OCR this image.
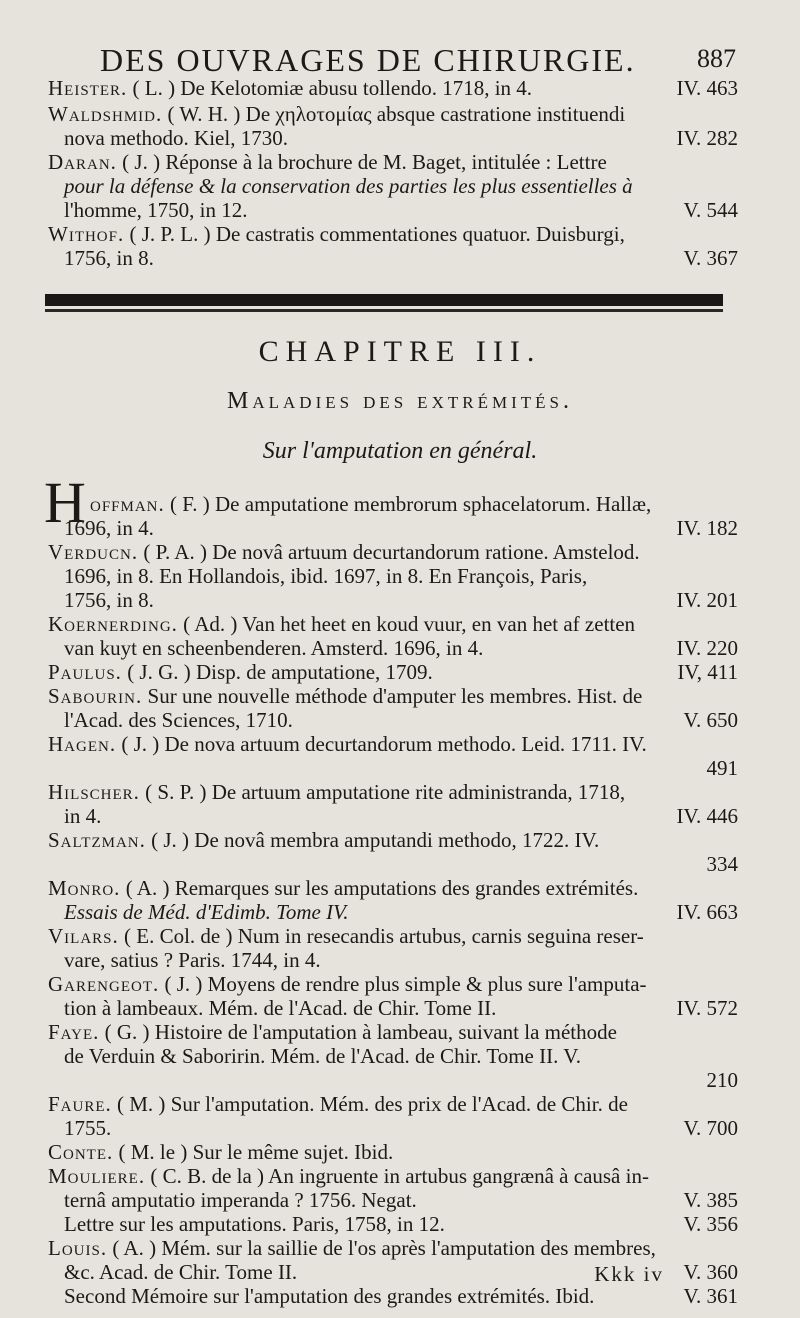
DES OUVRAGES DE CHIRURGIE. 887
Heister. ( L. ) De Kelotomiæ abusu tollendo. 1718, in 4.	IV. 463
Waldshmid. ( W. H. ) De χηλοτομίας absque castratione instituendi
nova methodo. Kiel, 1730.	IV. 282
Daran. ( J. ) Réponse à la brochure de M. Baget, intitulée : Lettre
pour la défense & la conservation des parties les plus essentielles à
l'homme, 1750, in 12.	V. 544
Withof. ( J. P. L. ) De castratis commentationes quatuor. Duisburgi,
1756, in 8.	V. 367
CHAPITRE III.
Maladies des extrémités.
Sur l'amputation en général.
H offman. ( F. ) De amputatione membrorum sphacelatorum. Hallæ,
1696, in 4.	IV. 182
Verducn. ( P. A. ) De novâ artuum decurtandorum ratione. Amstelod.
1696, in 8. En Hollandois, ibid. 1697, in 8. En François, Paris,
1756, in 8.	IV. 201
Koernerding. ( Ad. ) Van het heet en koud vuur, en van het af zetten
van kuyt en scheenbenderen. Amsterd. 1696, in 4.	IV. 220
Paulus. ( J. G. ) Disp. de amputatione, 1709.	IV, 411
Sabourin. Sur une nouvelle méthode d'amputer les membres. Hist. de
l'Acad. des Sciences, 1710.	V. 650
Hagen. ( J. ) De nova artuum decurtandorum methodo. Leid. 1711. IV.
491
Hilscher. ( S. P. ) De artuum amputatione rite administranda, 1718,
in 4.	IV. 446
Saltzman. ( J. ) De novâ membra amputandi methodo, 1722. IV.
334
Monro. ( A. ) Remarques sur les amputations des grandes extrémités.
Essais de Méd. d'Edimb. Tome IV.	IV. 663
Vilars. ( E. Col. de ) Num in resecandis artubus, carnis seguina reser-
vare, satius ? Paris. 1744, in 4.
Garengeot. ( J. ) Moyens de rendre plus simple & plus sure l'amputa-
tion à lambeaux. Mém. de l'Acad. de Chir. Tome II.	IV. 572
Faye. ( G. ) Histoire de l'amputation à lambeau, suivant la méthode
de Verduin & Saboririn. Mém. de l'Acad. de Chir. Tome II. V.
210
Faure. ( M. ) Sur l'amputation. Mém. des prix de l'Acad. de Chir. de
1755.	V. 700
Conte. ( M. le ) Sur le même sujet. Ibid.
Mouliere. ( C. B. de la ) An ingruente in artubus gangrænâ à causâ in-
ternâ amputatio imperanda ? 1756. Negat.	V. 385
Lettre sur les amputations. Paris, 1758, in 12.	V. 356
Louis. ( A. ) Mém. sur la saillie de l'os après l'amputation des membres,
&c. Acad. de Chir. Tome II.	V. 360
Second Mémoire sur l'amputation des grandes extrémités. Ibid.	V. 361
Kkk iv
